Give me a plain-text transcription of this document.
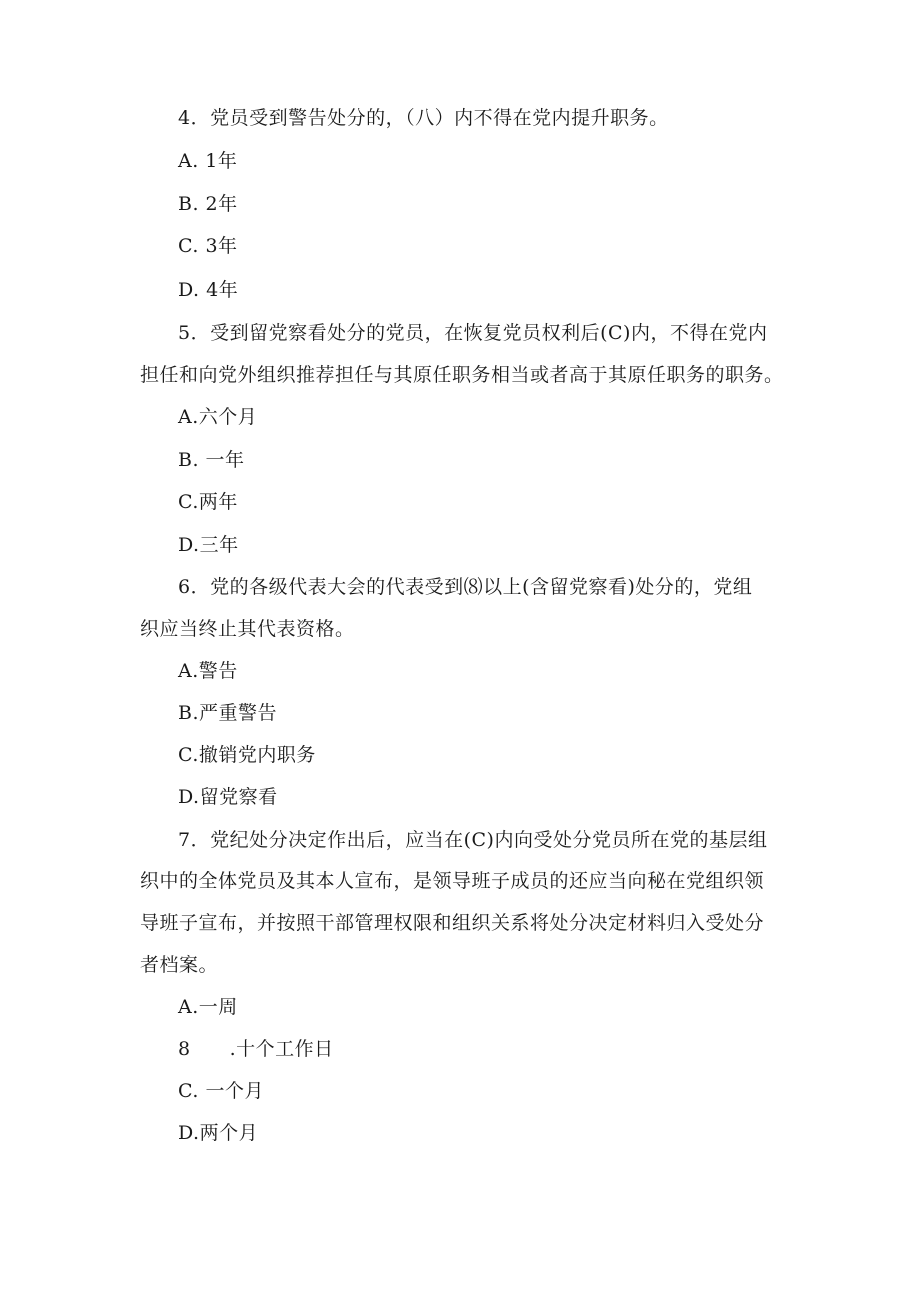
4．党员受到警告处分的，（八）内不得在党内提升职务。
A. 1年
B. 2年
C. 3年
D. 4年
5．受到留党察看处分的党员，在恢复党员权利后(C)内，不得在党内
担任和向党外组织推荐担任与其原任职务相当或者高于其原任职务的职务。
A.六个月
B. 一年
C.两年
D.三年
6．党的各级代表大会的代表受到⑻以上(含留党察看)处分的，党组
织应当终止其代表资格。
A.警告
B.严重警告
C.撤销党内职务
D.留党察看
7．党纪处分决定作出后，应当在(C)内向受处分党员所在党的基层组
织中的全体党员及其本人宣布，是领导班子成员的还应当向秘在党组织领
导班子宣布，并按照干部管理权限和组织关系将处分决定材料归入受处分
者档案。
A.一周
8　　.十个工作日
C. 一个月
D.两个月
